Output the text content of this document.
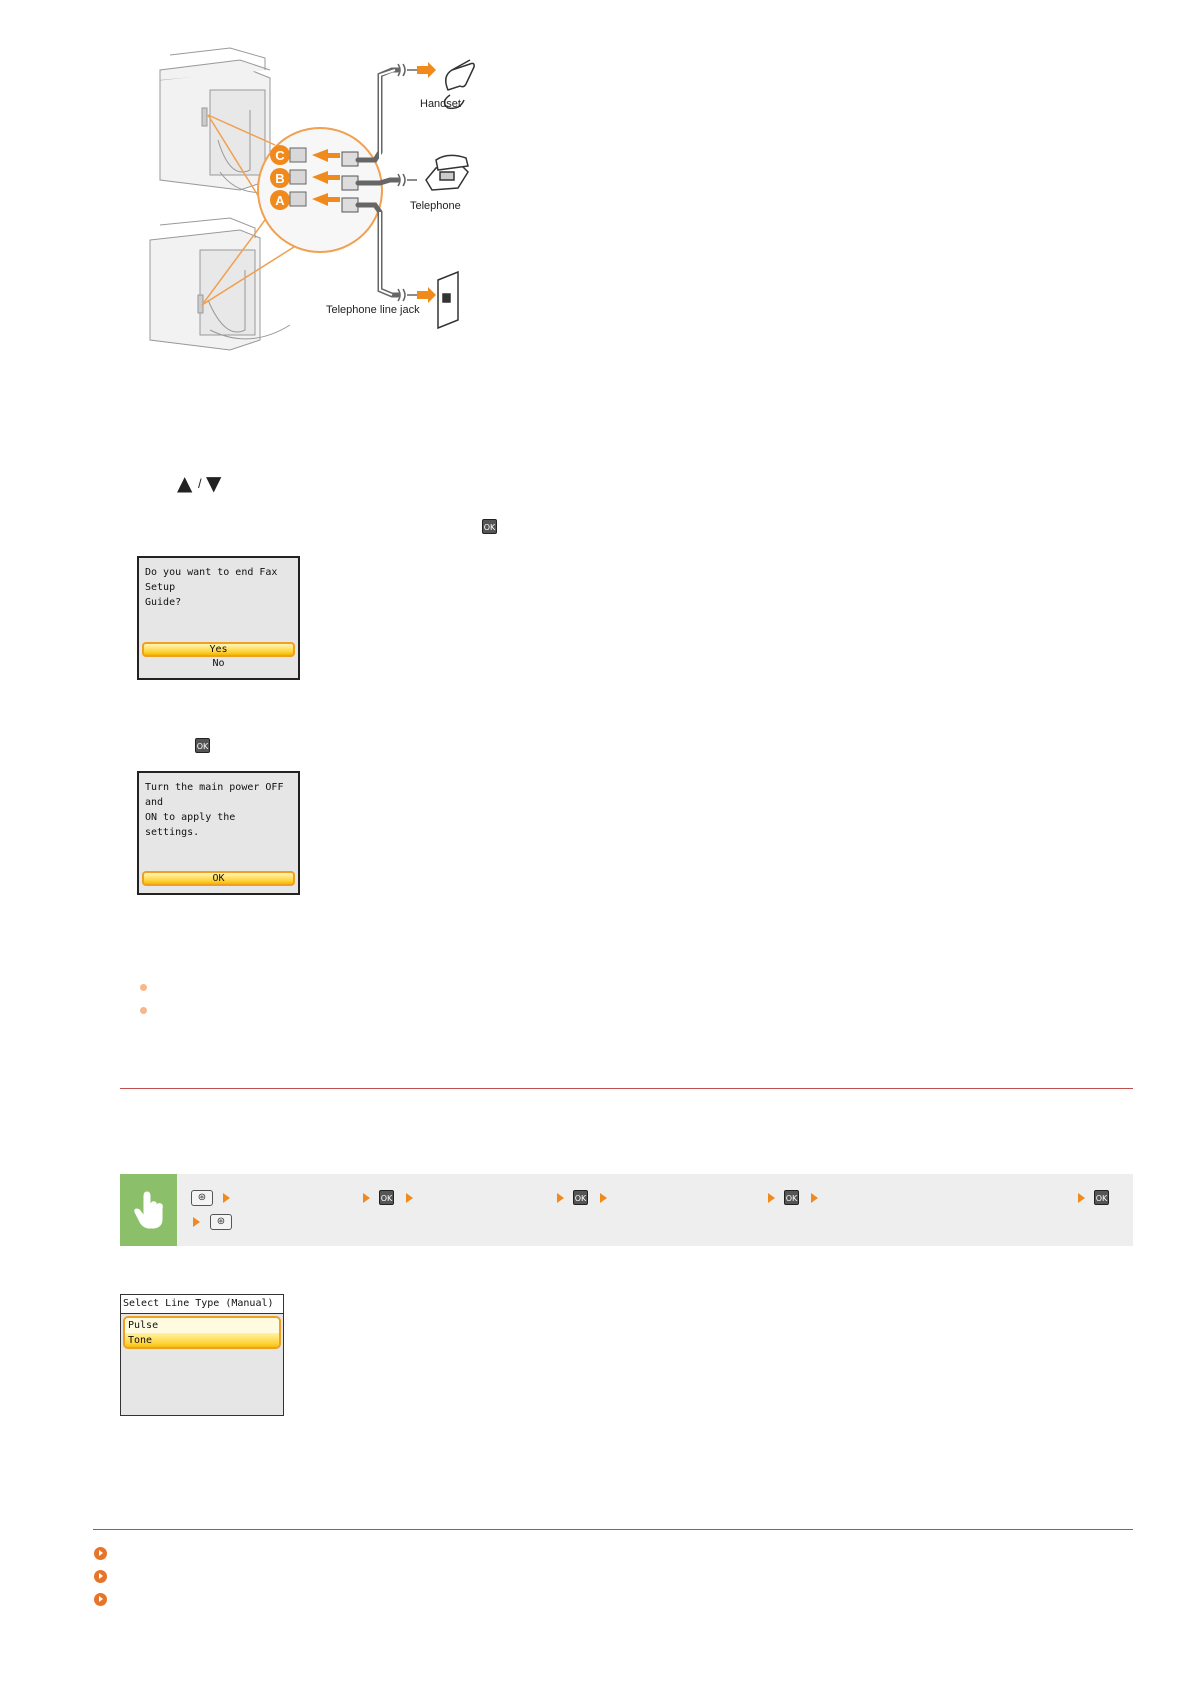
C
B
A
Handset
Telephone
Telephone line jack
▲ / ▼
OK
Do you want to end Fax Setup
Guide?
Yes
No
OK
Turn the main power OFF and
ON to apply the settings.
OK
⊛	OK	OK	OK	OK
⊛
Select Line Type (Manual)
Pulse
Tone
